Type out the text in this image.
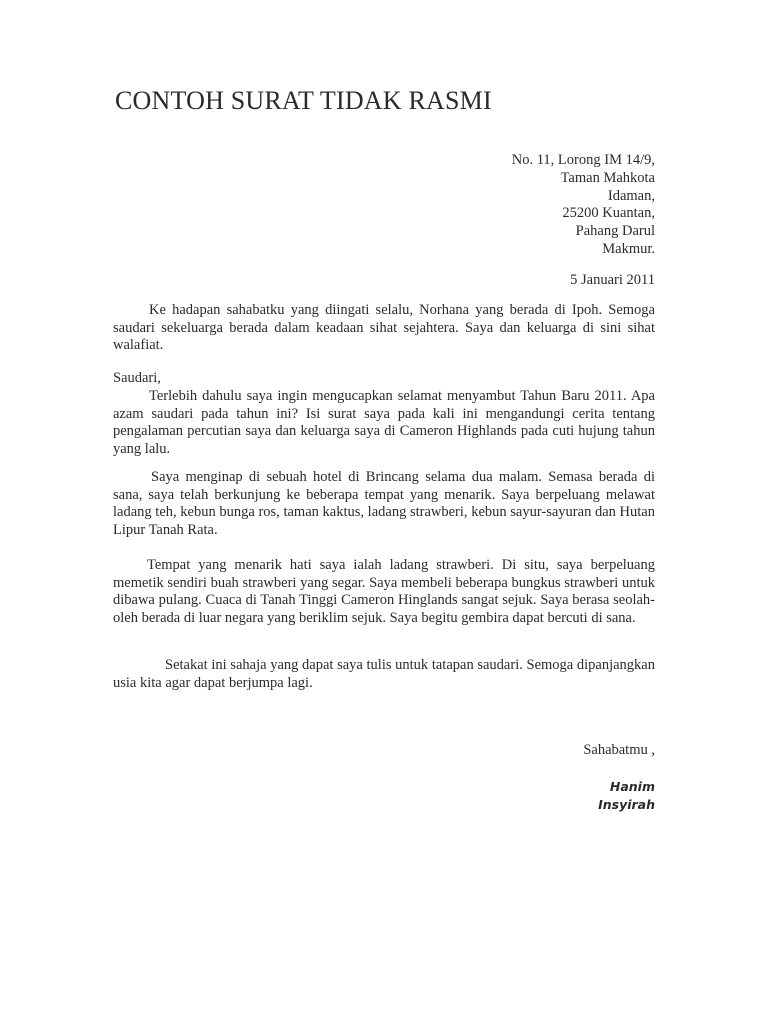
CONTOH SURAT TIDAK RASMI
No. 11, Lorong IM 14/9,
Taman Mahkota
Idaman,
25200 Kuantan,
Pahang Darul
Makmur.
5 Januari 2011

Ke hadapan sahabatku yang diingati selalu, Norhana yang berada di Ipoh. Semoga saudari sekeluarga berada dalam keadaan sihat sejahtera. Saya dan keluarga di sini sihat walafiat.

Saudari,

Terlebih dahulu saya ingin mengucapkan selamat menyambut Tahun Baru 2011. Apa azam saudari pada tahun ini? Isi surat saya pada kali ini mengandungi cerita tentang pengalaman percutian saya dan keluarga saya di Cameron Highlands pada cuti hujung tahun yang lalu.

Saya menginap di sebuah hotel di Brincang selama dua malam. Semasa berada di sana, saya telah berkunjung ke beberapa tempat yang menarik. Saya berpeluang melawat ladang teh, kebun bunga ros, taman kaktus, ladang strawberi, kebun sayur-sayuran dan Hutan Lipur Tanah Rata.

Tempat yang menarik hati saya ialah ladang strawberi. Di situ, saya berpeluang memetik sendiri buah strawberi yang segar. Saya membeli beberapa bungkus strawberi untuk dibawa pulang. Cuaca di Tanah Tinggi Cameron Hinglands sangat sejuk. Saya berasa seolah-oleh berada di luar negara yang beriklim sejuk. Saya begitu gembira dapat bercuti di sana.

Setakat ini sahaja yang dapat saya tulis untuk tatapan saudari. Semoga dipanjangkan usia kita agar dapat berjumpa lagi.

Sahabatmu ,
Hanim
Insyirah
